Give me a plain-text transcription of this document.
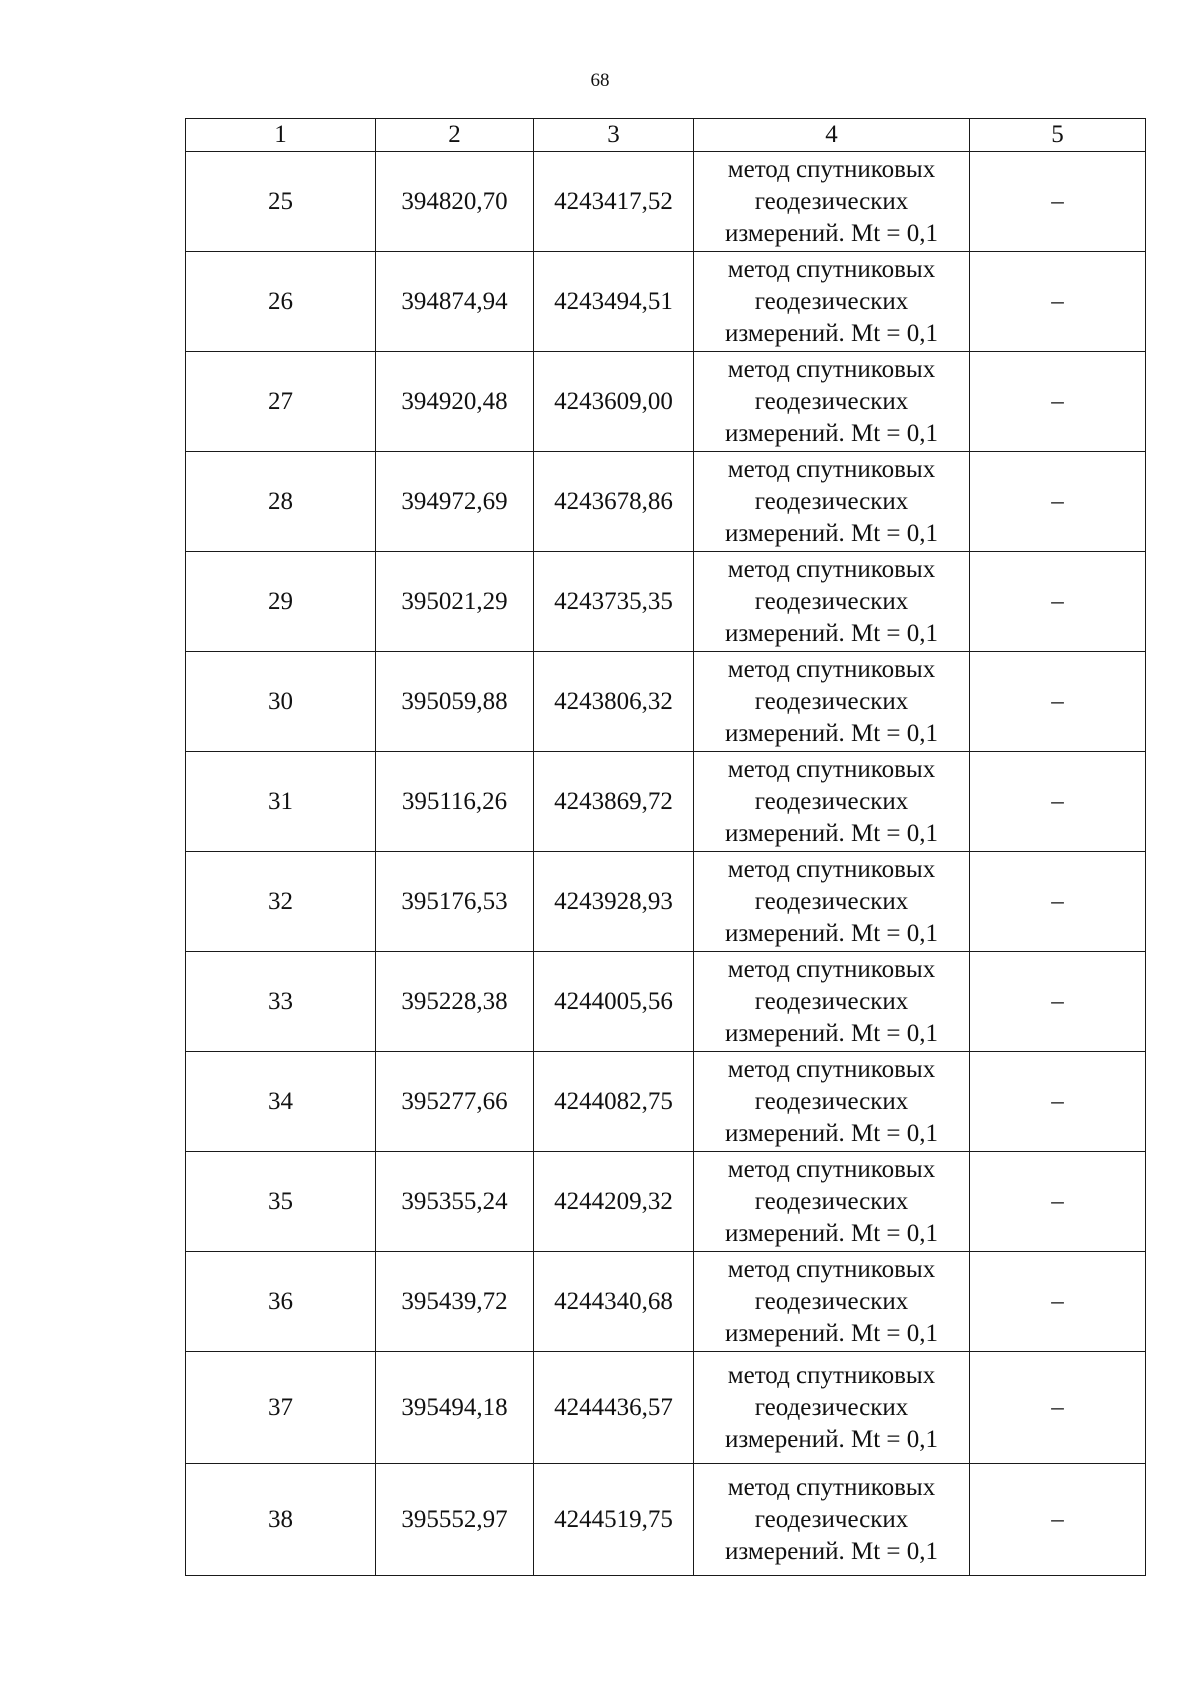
68
1	2	3	4	5
25	394820,70	4243417,52	метод спутниковых
геодезических
измерений. Mt = 0,1	–
26	394874,94	4243494,51	метод спутниковых
геодезических
измерений. Mt = 0,1	–
27	394920,48	4243609,00	метод спутниковых
геодезических
измерений. Mt = 0,1	–
28	394972,69	4243678,86	метод спутниковых
геодезических
измерений. Mt = 0,1	–
29	395021,29	4243735,35	метод спутниковых
геодезических
измерений. Mt = 0,1	–
30	395059,88	4243806,32	метод спутниковых
геодезических
измерений. Mt = 0,1	–
31	395116,26	4243869,72	метод спутниковых
геодезических
измерений. Mt = 0,1	–
32	395176,53	4243928,93	метод спутниковых
геодезических
измерений. Mt = 0,1	–
33	395228,38	4244005,56	метод спутниковых
геодезических
измерений. Mt = 0,1	–
34	395277,66	4244082,75	метод спутниковых
геодезических
измерений. Mt = 0,1	–
35	395355,24	4244209,32	метод спутниковых
геодезических
измерений. Mt = 0,1	–
36	395439,72	4244340,68	метод спутниковых
геодезических
измерений. Mt = 0,1	–
37	395494,18	4244436,57	метод спутниковых
геодезических
измерений. Mt = 0,1	–
38	395552,97	4244519,75	метод спутниковых
геодезических
измерений. Mt = 0,1	–
